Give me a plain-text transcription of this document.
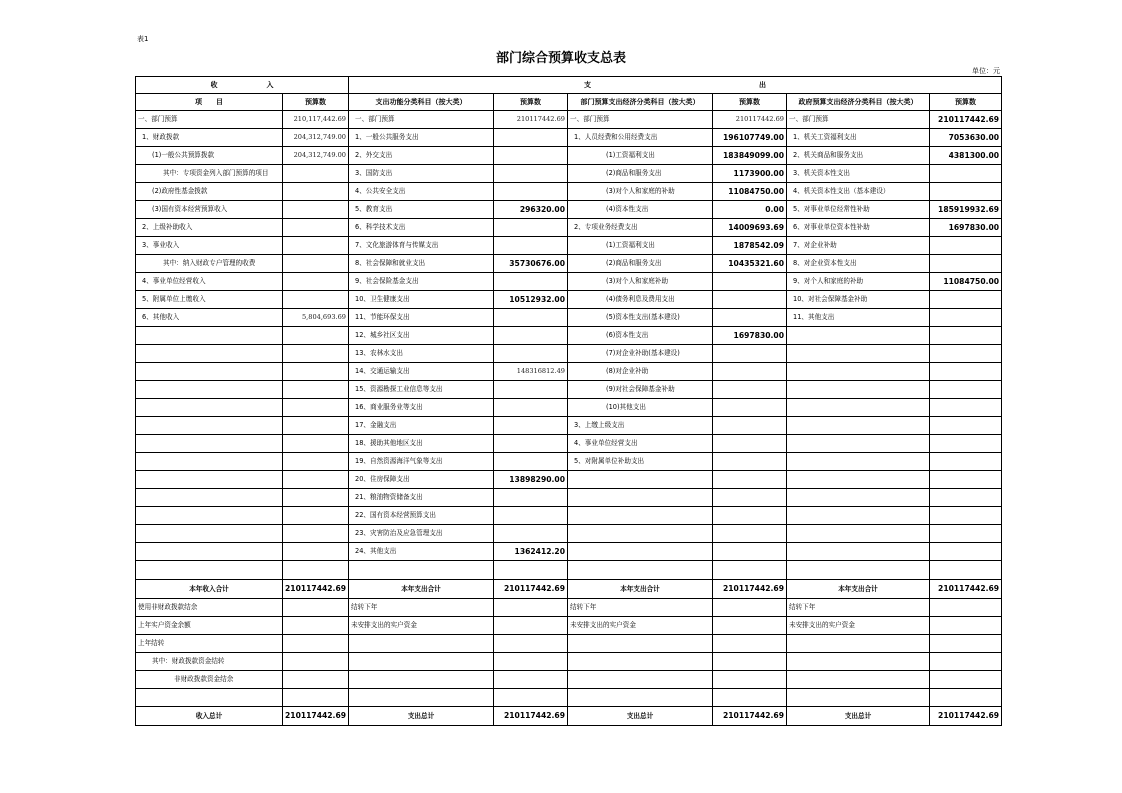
表1
部门综合预算收支总表
单位：元
收　　　　　　　入		支　　　　　　　　　　　　　　　　　　　　　　　　出					
项　　目	预算数	支出功能分类科目（按大类）	预算数	部门预算支出经济分类科目（按大类）	预算数	政府预算支出经济分类科目（按大类）	预算数
一、部门预算	210,117,442.69	一、部门预算	210117442.69	一、部门预算	210117442.69	一、部门预算	210117442.69
1、财政拨款	204,312,749.00	1、一般公共服务支出		1、人员经费和公用经费支出	196107749.00	1、机关工资福利支出	7053630.00
(1)一般公共预算拨款	204,312,749.00	2、外交支出		(1)工资福利支出	183849099.00	2、机关商品和服务支出	4381300.00
其中：专项资金列入部门预算的项目		3、国防支出		(2)商品和服务支出	1173900.00	3、机关资本性支出	
(2)政府性基金拨款		4、公共安全支出		(3)对个人和家庭的补助	11084750.00	4、机关资本性支出（基本建设）	
(3)国有资本经营预算收入		5、教育支出	296320.00	(4)资本性支出	0.00	5、对事业单位经常性补助	185919932.69
2、上级补助收入		6、科学技术支出		2、专项业务经费支出	14009693.69	6、对事业单位资本性补助	1697830.00
3、事业收入		7、文化旅游体育与传媒支出		(1)工资福利支出	1878542.09	7、对企业补助	
其中：纳入财政专户管理的收费		8、社会保障和就业支出	35730676.00	(2)商品和服务支出	10435321.60	8、对企业资本性支出	
4、事业单位经营收入		9、社会保险基金支出		(3)对个人和家庭补助		9、对个人和家庭的补助	11084750.00
5、附属单位上缴收入		10、卫生健康支出	10512932.00	(4)债务利息及费用支出		10、对社会保障基金补助	
6、其他收入	5,804,693.69	11、节能环保支出		(5)资本性支出(基本建设)		11、其他支出	
		12、城乡社区支出		(6)资本性支出	1697830.00		
		13、农林水支出		(7)对企业补助(基本建设)			
		14、交通运输支出	148316812.49	(8)对企业补助			
		15、资源勘探工业信息等支出		(9)对社会保障基金补助			
		16、商业服务业等支出		(10)其他支出			
		17、金融支出		3、上缴上级支出			
		18、援助其他地区支出		4、事业单位经营支出			
		19、自然资源海洋气象等支出		5、对附属单位补助支出			
		20、住房保障支出	13898290.00				
		21、粮油物资储备支出					
		22、国有资本经营预算支出					
		23、灾害防治及应急管理支出					
		24、其他支出	1362412.20				

本年收入合计	210117442.69	本年支出合计	210117442.69	本年支出合计	210117442.69	本年支出合计	210117442.69
使用非财政拨款结余		结转下年		结转下年		结转下年	
上年实户资金余额		未安排支出的实户资金		未安排支出的实户资金		未安排支出的实户资金	
上年结转							
其中：财政拨款资金结转							
非财政拨款资金结余							

收入总计	210117442.69	支出总计	210117442.69	支出总计	210117442.69	支出总计	210117442.69
